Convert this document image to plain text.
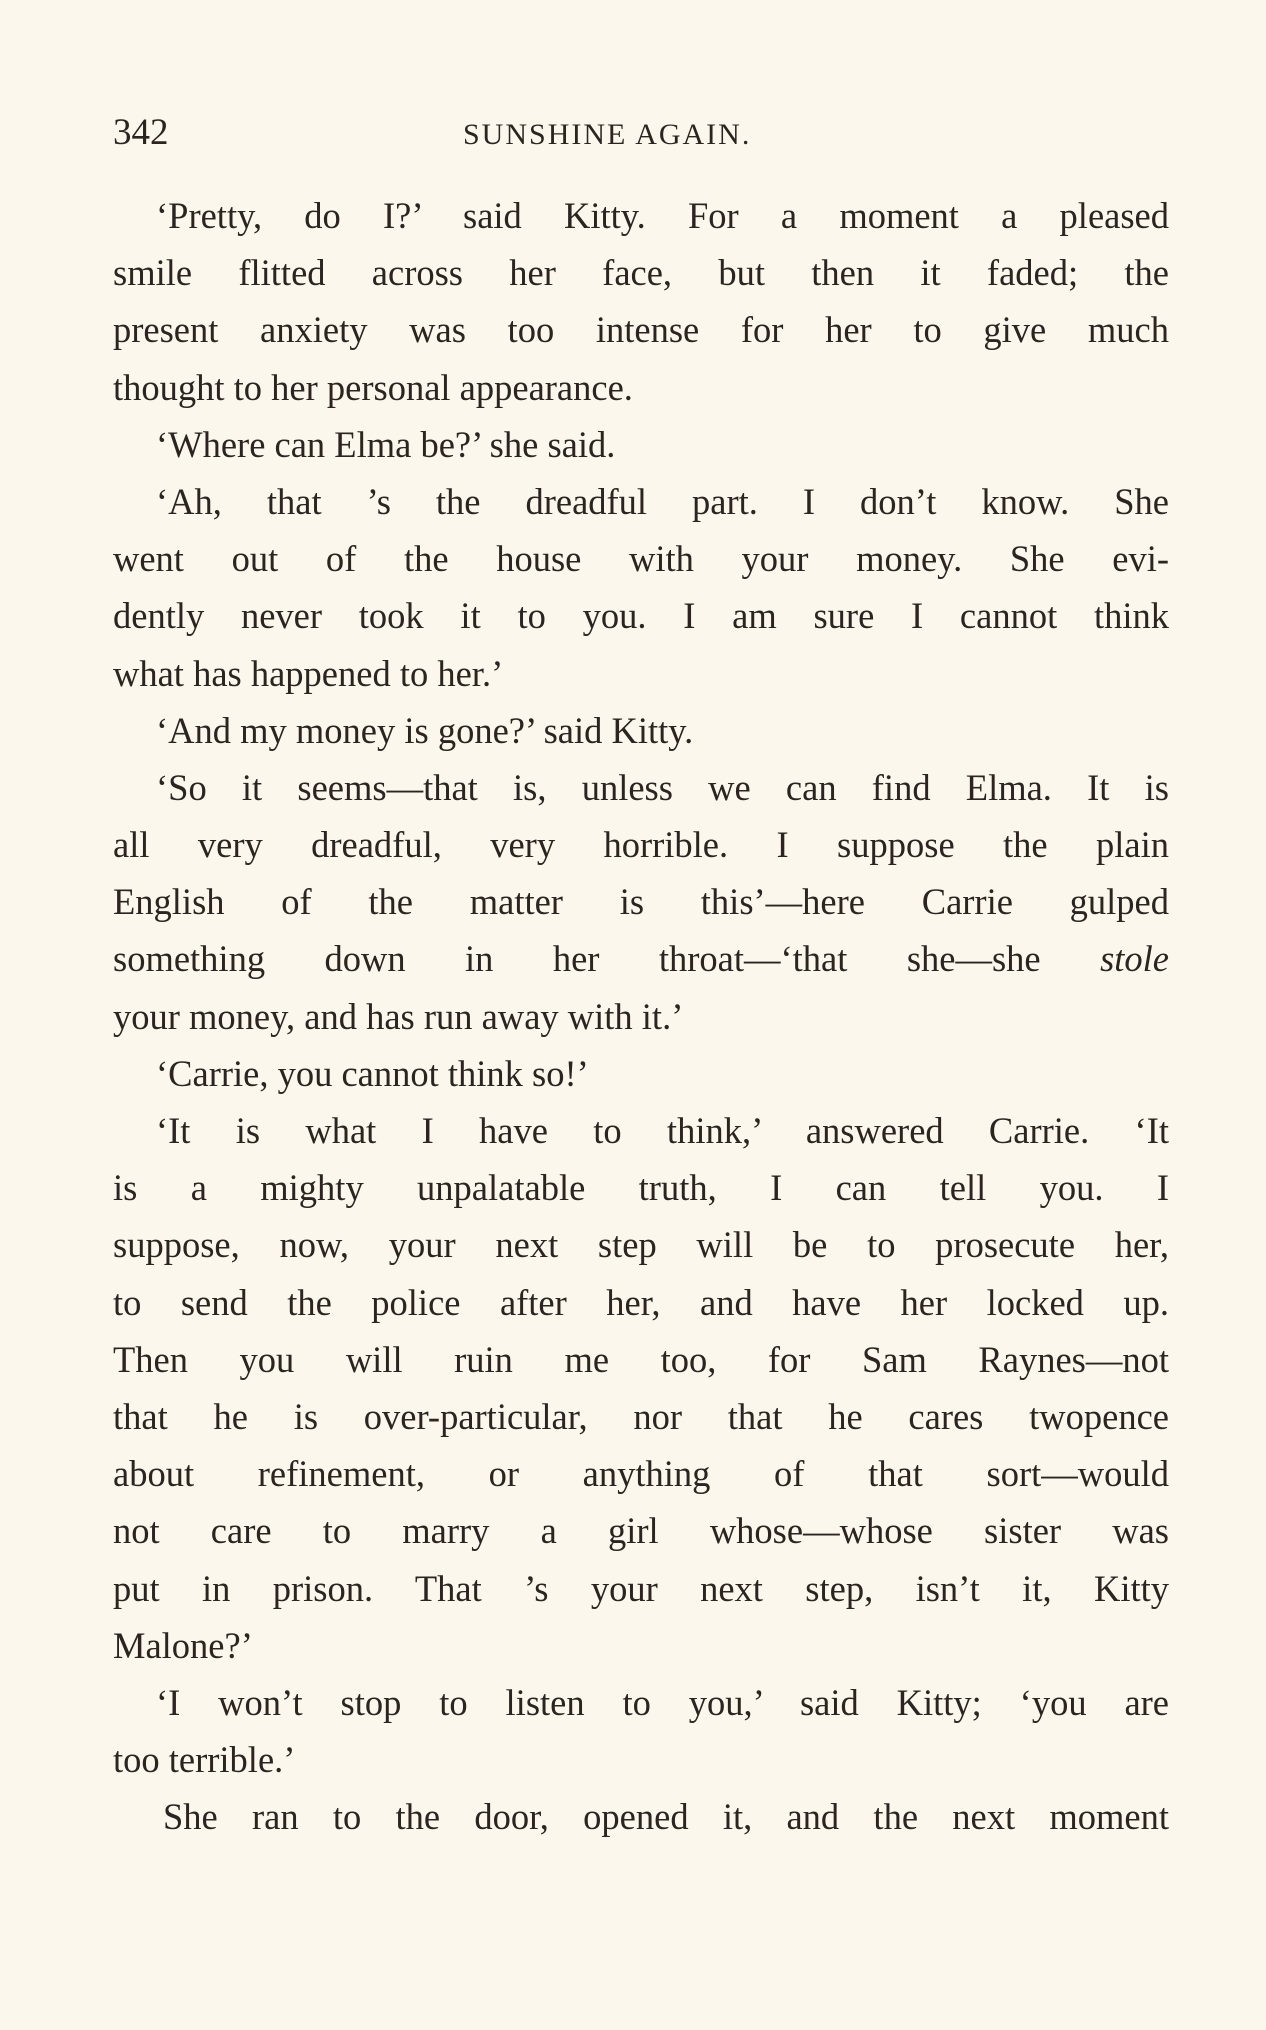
342	SUNSHINE AGAIN.
‘Pretty, do I?’ said Kitty. For a moment a pleased
smile flitted across her face, but then it faded; the
present anxiety was too intense for her to give much
thought to her personal appearance.
‘Where can Elma be?’ she said.
‘Ah, that ’s the dreadful part. I don’t know. She
went out of the house with your money. She evi-
dently never took it to you. I am sure I cannot think
what has happened to her.’
‘And my money is gone?’ said Kitty.
‘So it seems—that is, unless we can find Elma. It is
all very dreadful, very horrible. I suppose the plain
English of the matter is this’—here Carrie gulped
something down in her throat—‘that she—she stole
your money, and has run away with it.’
‘Carrie, you cannot think so!’
‘It is what I have to think,’ answered Carrie. ‘It
is a mighty unpalatable truth, I can tell you. I
suppose, now, your next step will be to prosecute her,
to send the police after her, and have her locked up.
Then you will ruin me too, for Sam Raynes—not
that he is over-particular, nor that he cares twopence
about refinement, or anything of that sort—would
not care to marry a girl whose—whose sister was
put in prison. That ’s your next step, isn’t it, Kitty
Malone?’
‘I won’t stop to listen to you,’ said Kitty; ‘you are
too terrible.’
She ran to the door, opened it, and the next moment
